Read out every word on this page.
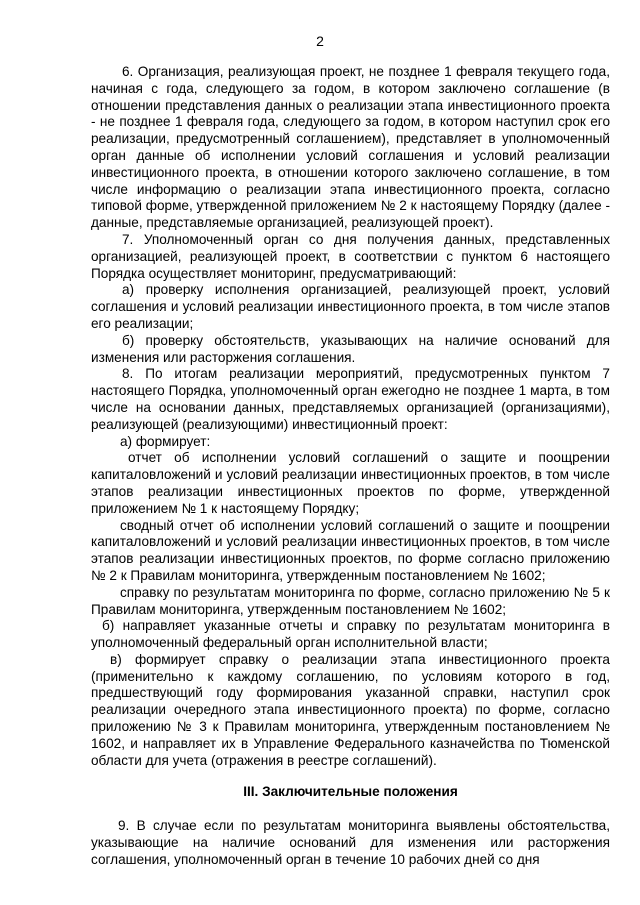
2

6. Организация, реализующая проект, не позднее 1 февраля текущего года, начиная с года, следующего за годом, в котором заключено соглашение (в отношении представления данных о реализации этапа инвестиционного проекта - не позднее 1 февраля года, следующего за годом, в котором наступил срок его реализации, предусмотренный соглашением), представляет в уполномоченный орган данные об исполнении условий соглашения и условий реализации инвестиционного проекта, в отношении которого заключено соглашение, в том числе информацию о реализации этапа инвестиционного проекта, согласно типовой форме, утвержденной приложением № 2 к настоящему Порядку (далее - данные, представляемые организацией, реализующей проект).

7. Уполномоченный орган со дня получения данных, представленных организацией, реализующей проект, в соответствии с пунктом 6 настоящего Порядка осуществляет мониторинг, предусматривающий:

а) проверку исполнения организацией, реализующей проект, условий соглашения и условий реализации инвестиционного проекта, в том числе этапов его реализации;

б) проверку обстоятельств, указывающих на наличие оснований для изменения или расторжения соглашения.

8. По итогам реализации мероприятий, предусмотренных пунктом 7 настоящего Порядка, уполномоченный орган ежегодно не позднее 1 марта, в том числе на основании данных, представляемых организацией (организациями), реализующей (реализующими) инвестиционный проект:

а) формирует:

отчет об исполнении условий соглашений о защите и поощрении капиталовложений и условий реализации инвестиционных проектов, в том числе этапов реализации инвестиционных проектов по форме, утвержденной приложением № 1 к настоящему Порядку;

сводный отчет об исполнении условий соглашений о защите и поощрении капиталовложений и условий реализации инвестиционных проектов, в том числе этапов реализации инвестиционных проектов, по форме согласно приложению № 2 к Правилам мониторинга, утвержденным постановлением № 1602;

справку по результатам мониторинга по форме, согласно приложению № 5 к Правилам мониторинга, утвержденным постановлением № 1602;

б) направляет указанные отчеты и справку по результатам мониторинга в уполномоченный федеральный орган исполнительной власти;

в) формирует справку о реализации этапа инвестиционного проекта (применительно к каждому соглашению, по условиям которого в год, предшествующий году формирования указанной справки, наступил срок реализации очередного этапа инвестиционного проекта) по форме, согласно приложению № 3 к Правилам мониторинга, утвержденным постановлением № 1602, и направляет их в Управление Федерального казначейства по Тюменской области для учета (отражения в реестре соглашений).

III. Заключительные положения

9. В случае если по результатам мониторинга выявлены обстоятельства, указывающие на наличие оснований для изменения или расторжения соглашения, уполномоченный орган в течение 10 рабочих дней со дня
